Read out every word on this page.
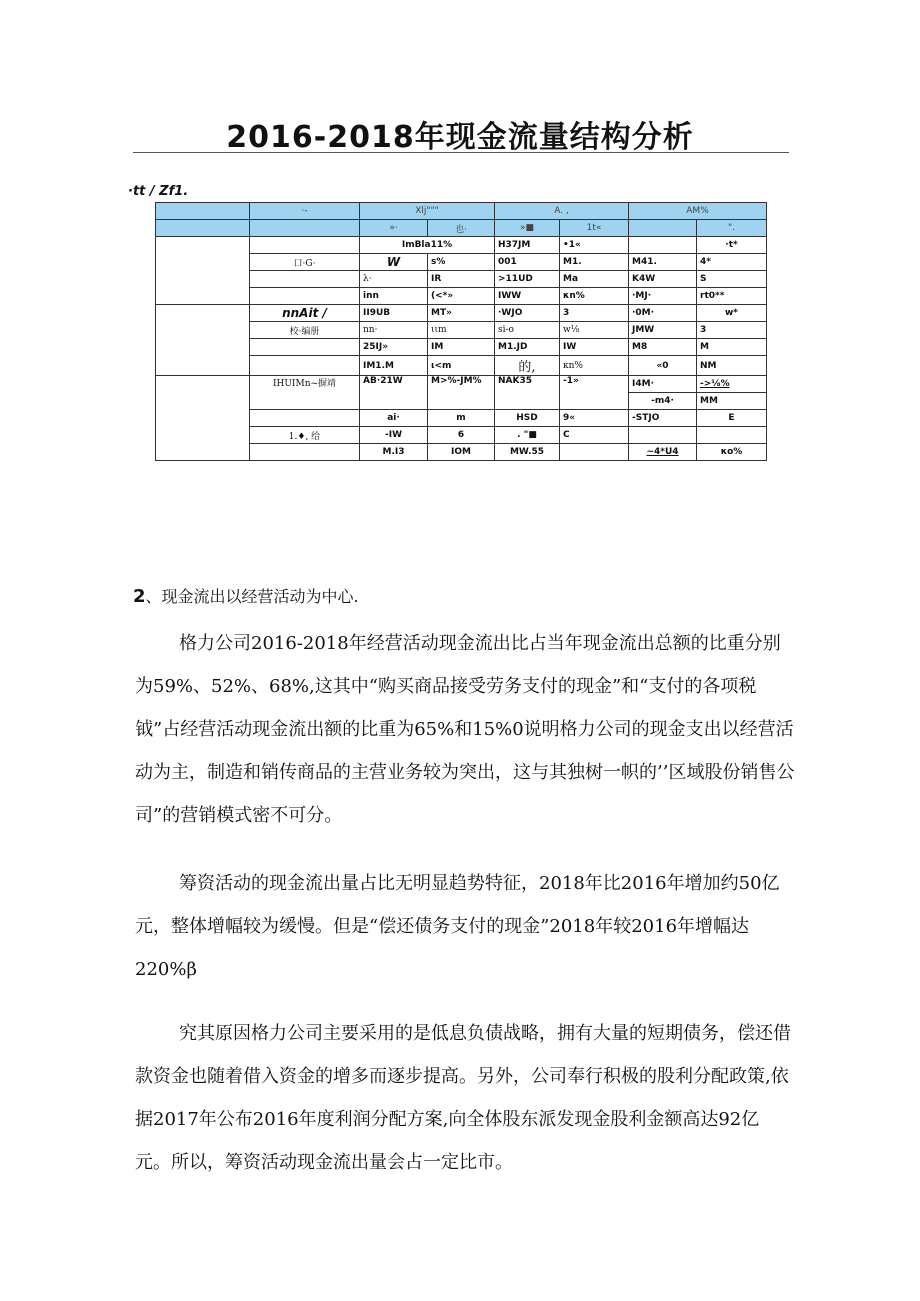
2016-2018年现金流量结构分析
·tt / Zf1.
	·-	Xlj"""		A. ,		AM%	
		»·	也·	»■	1t«		".
		ImBla11%		H37JM	•1«		·t*
	口·G·	W	s%	001	M1.	M41.	4*
		λ·	IR	>11UD	Ma	K4W	S
		inn	(<*»	IWW	κn%	·MJ·	rt0**
	nnAit /	II9UB	MT»	·WJO	3	·0M·	w*
	校·编册	nn·	ιιm	si-o	w⅛	JMW	3
		25IJ»	IM	M1.JD	IW	M8	M
		IM1.M	ι<m	的,	κn%	«0	NM
	IHUIMn~摒靖	AB·21W	M>%-JM%	NAK35	-1»	I4M·	->⅛%
						-m4·	MM
		ai·	m	HSD	9«	-STJO	E
	1.♦, 给	-IW	6	. "■	C		
		M.I3	IOM	MW.55		~4*U4	κo%
2、现金流出以经营活动为中心.
格力公司2016-2018年经营活动现金流出比占当年现金流出总额的比重分别为59%、52%、68%,这其中“购买商品接受劳务支付的现金”和“支付的各项税钺”占经营活动现金流出额的比重为65%和15%0说明格力公司的现金支出以经营活动为主，制造和销传商品的主营业务较为突出，这与其独树一帜的’’区域股份销售公司”的营销模式密不可分。
筹资活动的现金流出量占比无明显趋势特征，2018年比2016年增加约50亿元，整体增幅较为缓慢。但是“偿还债务支付的现金”2018年较2016年增幅达220%β
究其原因格力公司主要采用的是低息负债战略，拥有大量的短期债务，偿还借款资金也随着借入资金的增多而逐步提高。另外，公司奉行积极的股利分配政策,依据2017年公布2016年度利润分配方案,向全体股东派发现金股利金额高达92亿元。所以，筹资活动现金流出量会占一定比市。
